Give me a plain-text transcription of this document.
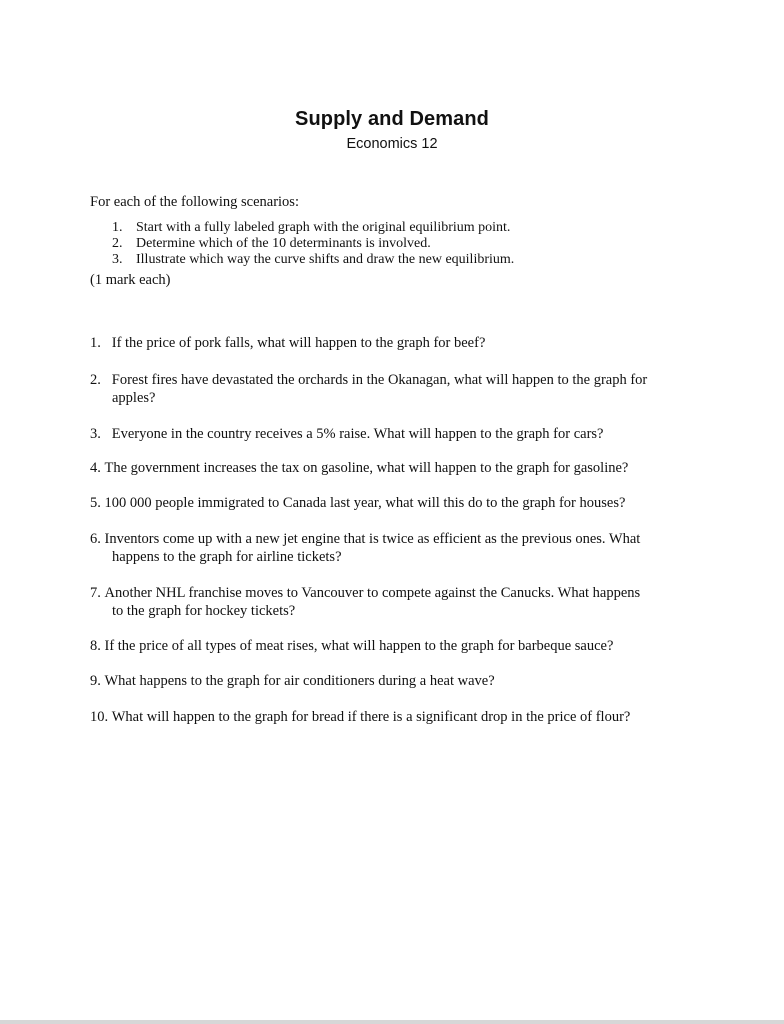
Supply and Demand
Economics 12
For each of the following scenarios:
1. Start with a fully labeled graph with the original equilibrium point.
2. Determine which of the 10 determinants is involved.
3. Illustrate which way the curve shifts and draw the new equilibrium.
(1 mark each)
1. If the price of pork falls, what will happen to the graph for beef?
2. Forest fires have devastated the orchards in the Okanagan, what will happen to the graph for
apples?
3. Everyone in the country receives a 5% raise. What will happen to the graph for cars?
4. The government increases the tax on gasoline, what will happen to the graph for gasoline?
5. 100 000 people immigrated to Canada last year, what will this do to the graph for houses?
6. Inventors come up with a new jet engine that is twice as efficient as the previous ones. What
happens to the graph for airline tickets?
7. Another NHL franchise moves to Vancouver to compete against the Canucks. What happens
to the graph for hockey tickets?
8. If the price of all types of meat rises, what will happen to the graph for barbeque sauce?
9. What happens to the graph for air conditioners during a heat wave?
10. What will happen to the graph for bread if there is a significant drop in the price of flour?
